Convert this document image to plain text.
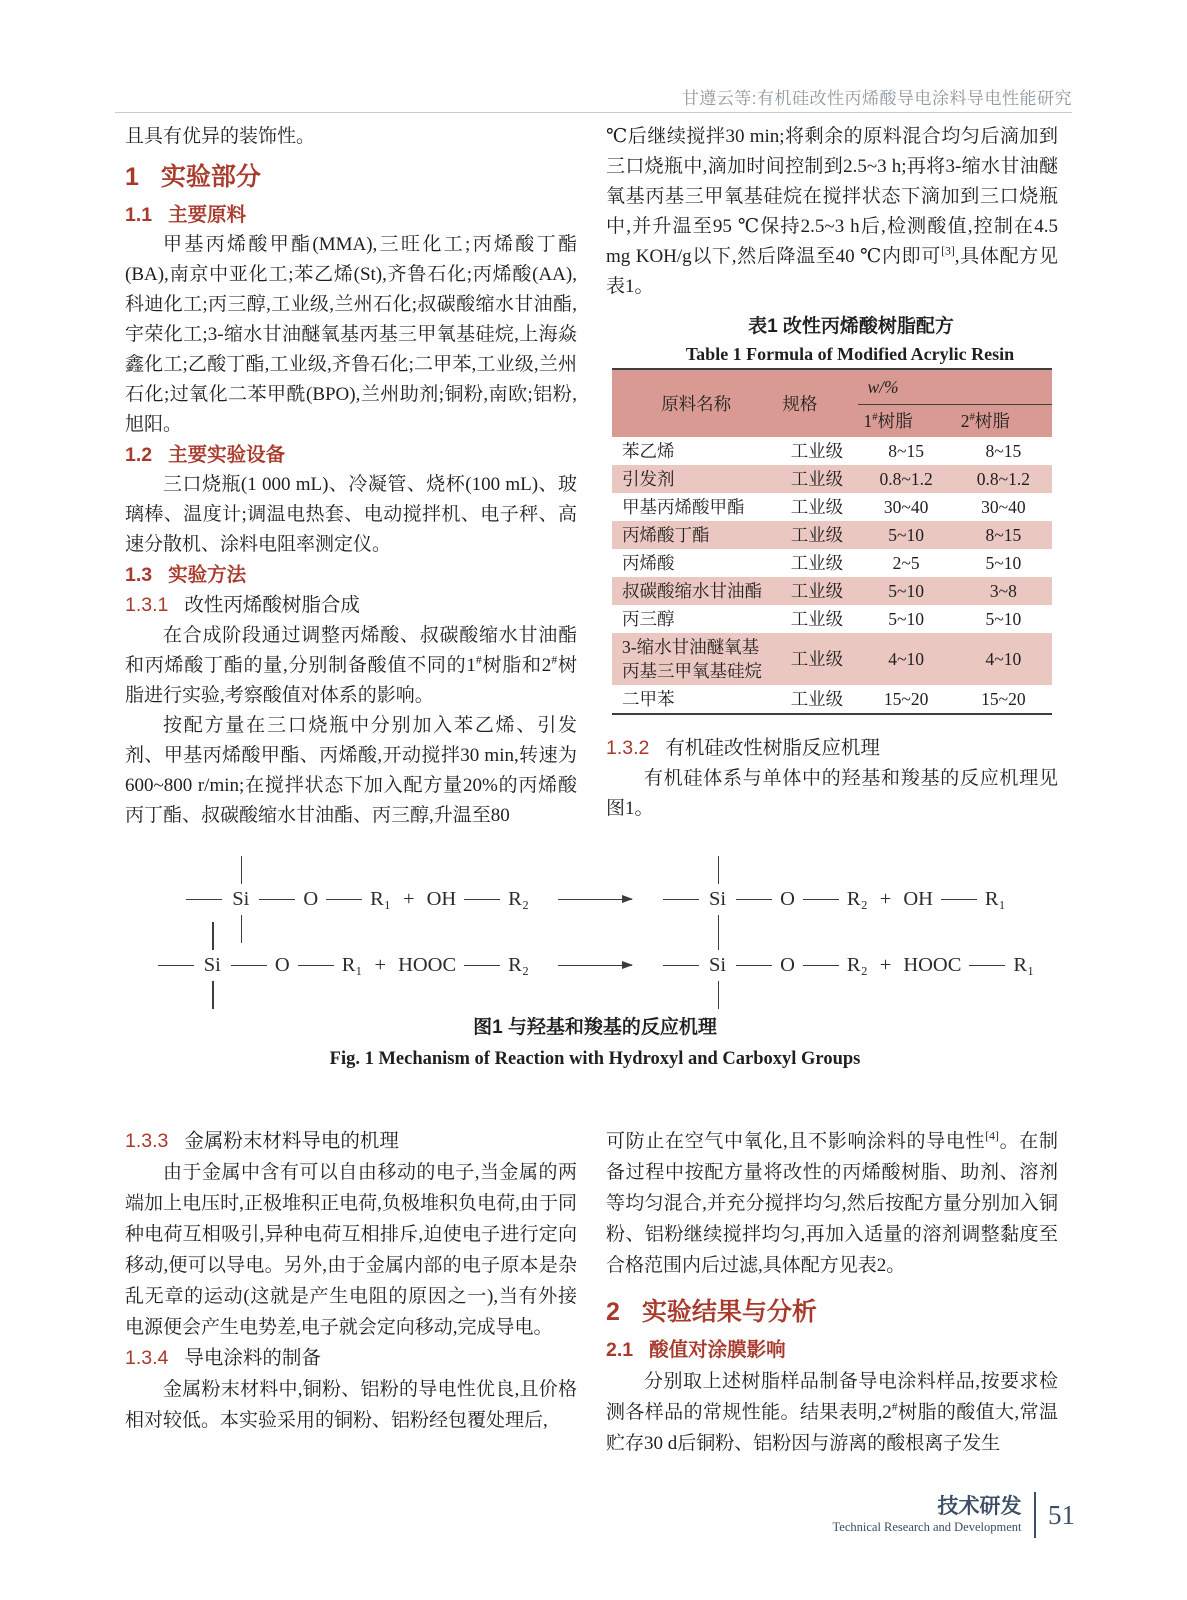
甘遵云等:有机硅改性丙烯酸导电涂料导电性能研究

且具有优异的装饰性。

1 实验部分
1.1 主要原料

甲基丙烯酸甲酯(MMA),三旺化工;丙烯酸丁酯(BA),南京中亚化工;苯乙烯(St),齐鲁石化;丙烯酸(AA),科迪化工;丙三醇,工业级,兰州石化;叔碳酸缩水甘油酯,宇荣化工;3-缩水甘油醚氧基丙基三甲氧基硅烷,上海焱鑫化工;乙酸丁酯,工业级,齐鲁石化;二甲苯,工业级,兰州石化;过氧化二苯甲酰(BPO),兰州助剂;铜粉,南欧;铝粉,旭阳。

1.2 主要实验设备

三口烧瓶(1 000 mL)、冷凝管、烧杯(100 mL)、玻璃棒、温度计;调温电热套、电动搅拌机、电子秤、高速分散机、涂料电阻率测定仪。

1.3 实验方法
1.3.1 改性丙烯酸树脂合成

在合成阶段通过调整丙烯酸、叔碳酸缩水甘油酯和丙烯酸丁酯的量,分别制备酸值不同的1#树脂和2#树脂进行实验,考察酸值对体系的影响。

按配方量在三口烧瓶中分别加入苯乙烯、引发剂、甲基丙烯酸甲酯、丙烯酸,开动搅拌30 min,转速为600~800 r/min;在搅拌状态下加入配方量20%的丙烯酸丙丁酯、叔碳酸缩水甘油酯、丙三醇,升温至80

℃后继续搅拌30 min;将剩余的原料混合均匀后滴加到三口烧瓶中,滴加时间控制到2.5~3 h;再将3-缩水甘油醚氧基丙基三甲氧基硅烷在搅拌状态下滴加到三口烧瓶中,并升温至95 ℃保持2.5~3 h后,检测酸值,控制在4.5 mg KOH/g以下,然后降温至40 ℃内即可[3],具体配方见表1。

表1 改性丙烯酸树脂配方

Table 1 Formula of Modified Acrylic Resin

原料名称	规格	w/%	
		1#树脂	2#树脂
苯乙烯	工业级	8~15	8~15
引发剂	工业级	0.8~1.2	0.8~1.2
甲基丙烯酸甲酯	工业级	30~40	30~40
丙烯酸丁酯	工业级	5~10	8~15
丙烯酸	工业级	2~5	5~10
叔碳酸缩水甘油酯	工业级	5~10	3~8
丙三醇	工业级	5~10	5~10
3-缩水甘油醚氧基丙基三甲氧基硅烷	工业级	4~10	4~10
二甲苯	工业级	15~20	15~20
1.3.2 有机硅改性树脂反应机理

有机硅体系与单体中的羟基和羧基的反应机理见图1。

Si	O	R₁ + OH	R₂ →	Si	O	R₂ + OH	R₁
Si	O	R₁ + HOOC	R₂ →	Si	O	R₂ + HOOC	R₁
图1 与羟基和羧基的反应机理
Fig. 1 Mechanism of Reaction with Hydroxyl and Carboxyl Groups
1.3.3 金属粉末材料导电的机理

由于金属中含有可以自由移动的电子,当金属的两端加上电压时,正极堆积正电荷,负极堆积负电荷,由于同种电荷互相吸引,异种电荷互相排斥,迫使电子进行定向移动,便可以导电。另外,由于金属内部的电子原本是杂乱无章的运动(这就是产生电阻的原因之一),当有外接电源便会产生电势差,电子就会定向移动,完成导电。

1.3.4 导电涂料的制备

金属粉末材料中,铜粉、铝粉的导电性优良,且价格相对较低。本实验采用的铜粉、铝粉经包覆处理后,

可防止在空气中氧化,且不影响涂料的导电性[4]。在制备过程中按配方量将改性的丙烯酸树脂、助剂、溶剂等均匀混合,并充分搅拌均匀,然后按配方量分别加入铜粉、铝粉继续搅拌均匀,再加入适量的溶剂调整黏度至合格范围内后过滤,具体配方见表2。

2 实验结果与分析
2.1 酸值对涂膜影响

分别取上述树脂样品制备导电涂料样品,按要求检测各样品的常规性能。结果表明,2#树脂的酸值大,常温贮存30 d后铜粉、铝粉因与游离的酸根离子发生

技术研发
Technical Research and Development 51
